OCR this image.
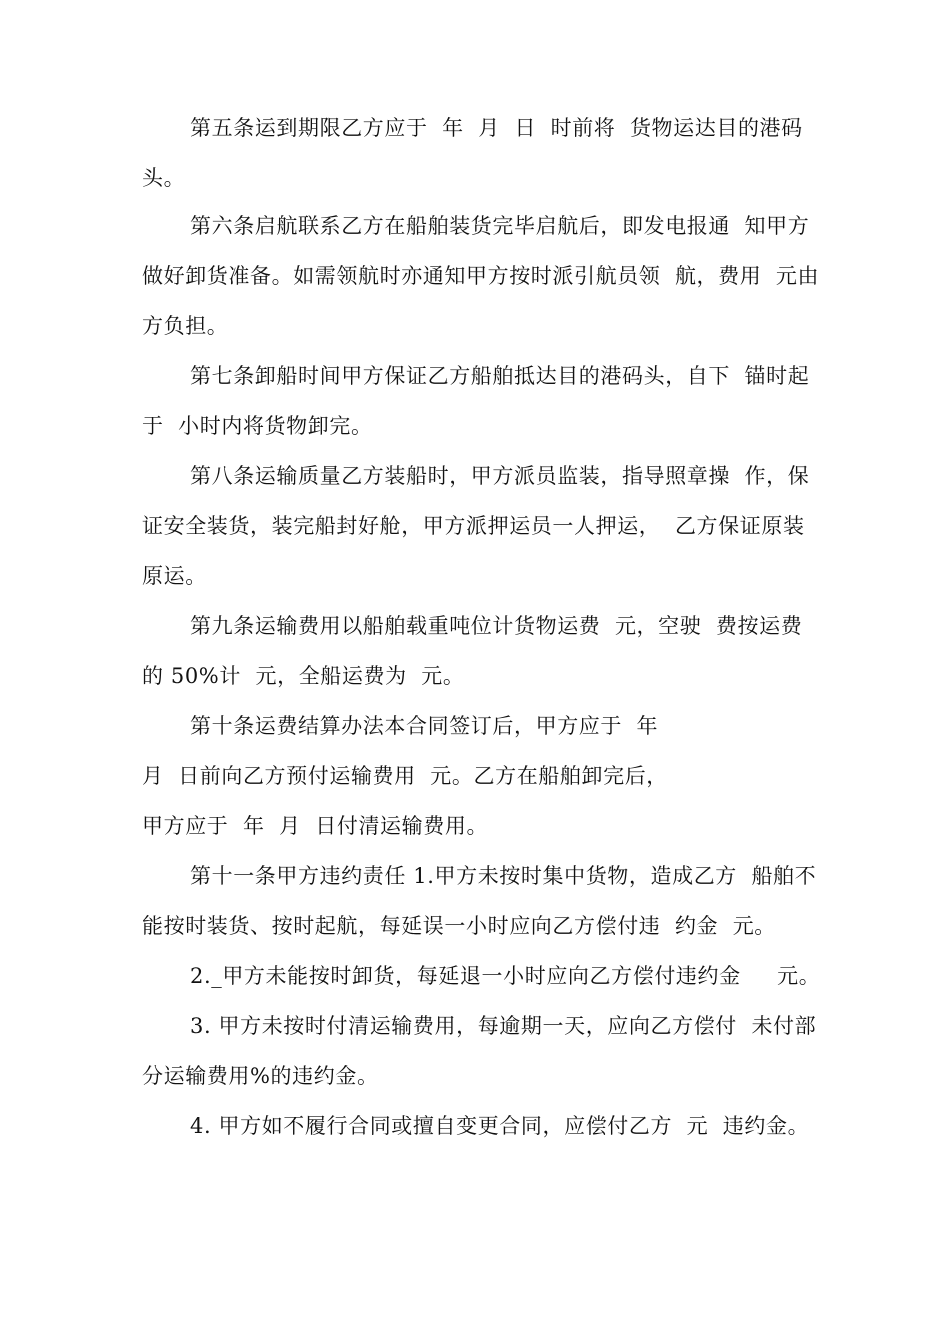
第五条运到期限乙方应于  年  月  日  时前将  货物运达目的港码
头。
第六条启航联系乙方在船舶装货完毕启航后，即发电报通  知甲方
做好卸货准备。如需领航时亦通知甲方按时派引航员领  航，费用  元由
方负担。
第七条卸船时间甲方保证乙方船舶抵达目的港码头，自下  锚时起
于  小时内将货物卸完。
第八条运输质量乙方装船时，甲方派员监装，指导照章操  作，保
证安全装货，装完船封好舱，甲方派押运员一人押运，  乙方保证原装
原运。
第九条运输费用以船舶载重吨位计货物运费  元，空驶  费按运费
的 50%计  元，全船运费为  元。
第十条运费结算办法本合同签订后，甲方应于  年
月  日前向乙方预付运输费用  元。乙方在船舶卸完后，
甲方应于  年  月  日付清运输费用。
第十一条甲方违约责任 1.甲方未按时集中货物，造成乙方  船舶不
能按时装货、按时起航，每延误一小时应向乙方偿付违  约金  元。
2._甲方未能按时卸货，每延退一小时应向乙方偿付违约金     元。
3. 甲方未按时付清运输费用，每逾期一天，应向乙方偿付  未付部
分运输费用%的违约金。
4. 甲方如不履行合同或擅自变更合同，应偿付乙方  元  违约金。
